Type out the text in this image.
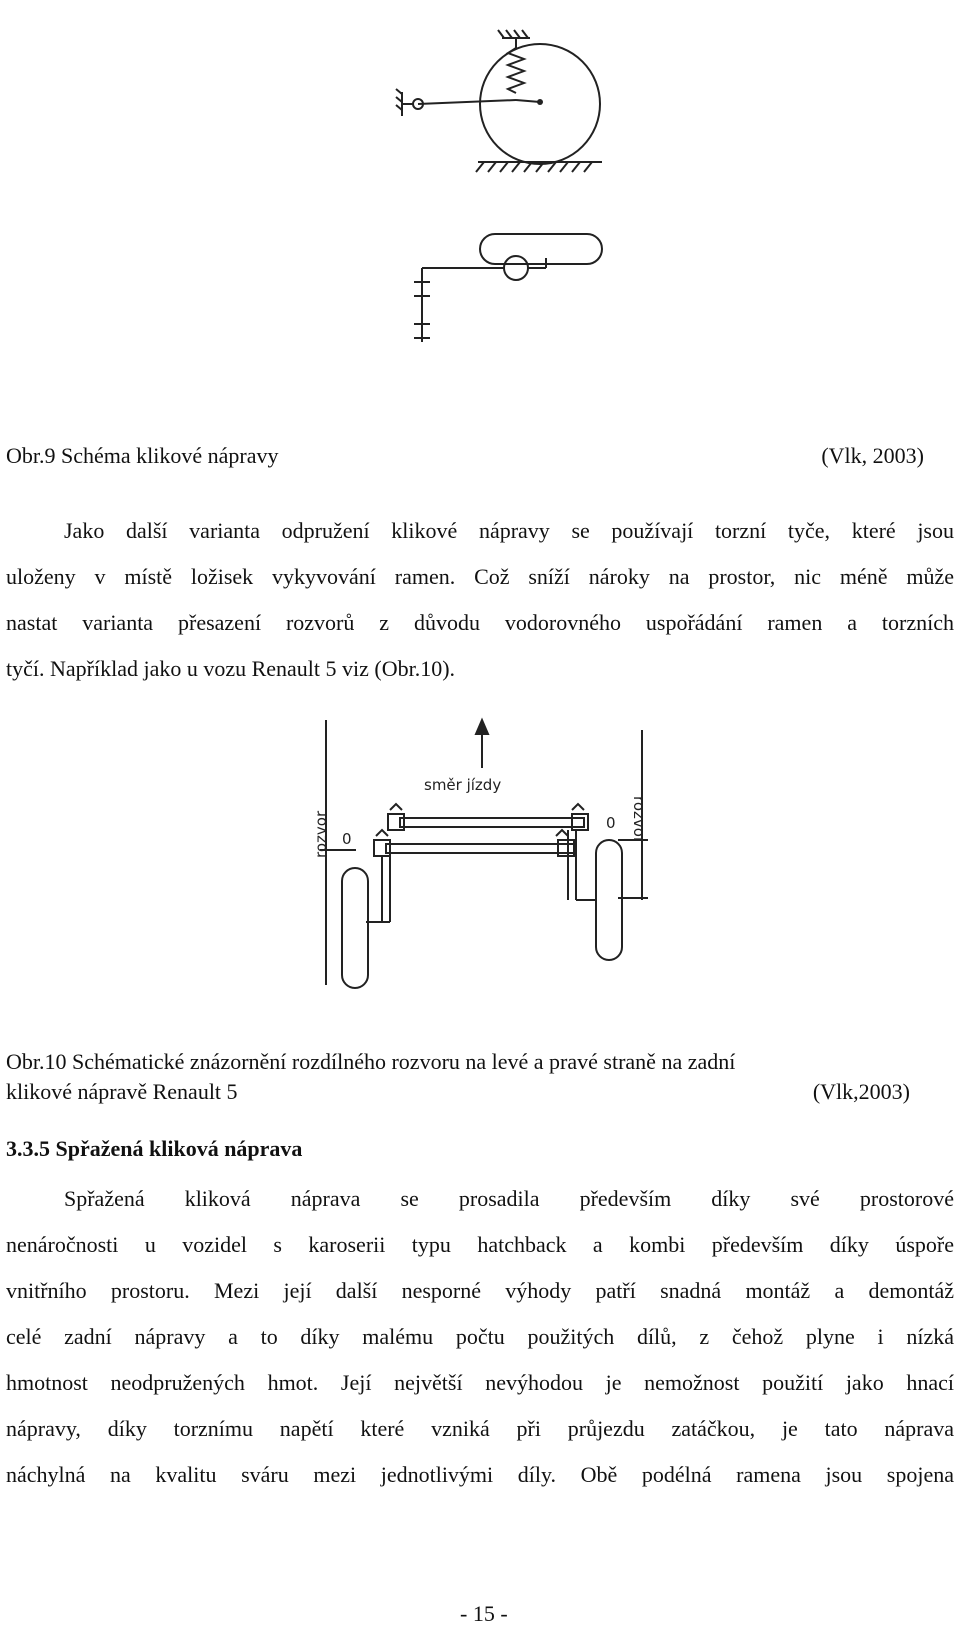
Obr.9 Schéma klikové nápravy	(Vlk, 2003)

Jako další varianta odpružení klikové nápravy se používají torzní tyče, které jsou

uloženy v místě ložisek vykyvování ramen. Což sníží nároky na prostor, nic méně může

nastat varianta přesazení rozvorů z důvodu vodorovného uspořádání ramen a torzních

tyčí. Například jako u vozu Renault 5 viz (Obr.10).

směr jízdy
rozvor	rozvor
0
0
Obr.10 Schématické znázornění rozdílného rozvoru na levé a pravé straně na zadní
klikové nápravě Renault 5	(Vlk,2003)
3.3.5 Spřažená kliková náprava

Spřažená kliková náprava se prosadila především díky své prostorové

nenáročnosti u vozidel s karoserii typu hatchback a kombi především díky úspoře

vnitřního prostoru. Mezi její další nesporné výhody patří snadná montáž a demontáž

celé zadní nápravy a to díky malému počtu použitých dílů, z čehož plyne i nízká

hmotnost neodpružených hmot. Její největší nevýhodou je nemožnost použití jako hnací

nápravy, díky torznímu napětí které vzniká při průjezdu zatáčkou, je tato náprava

náchylná na kvalitu sváru mezi jednotlivými díly. Obě podélná ramena jsou spojena

- 15 -
